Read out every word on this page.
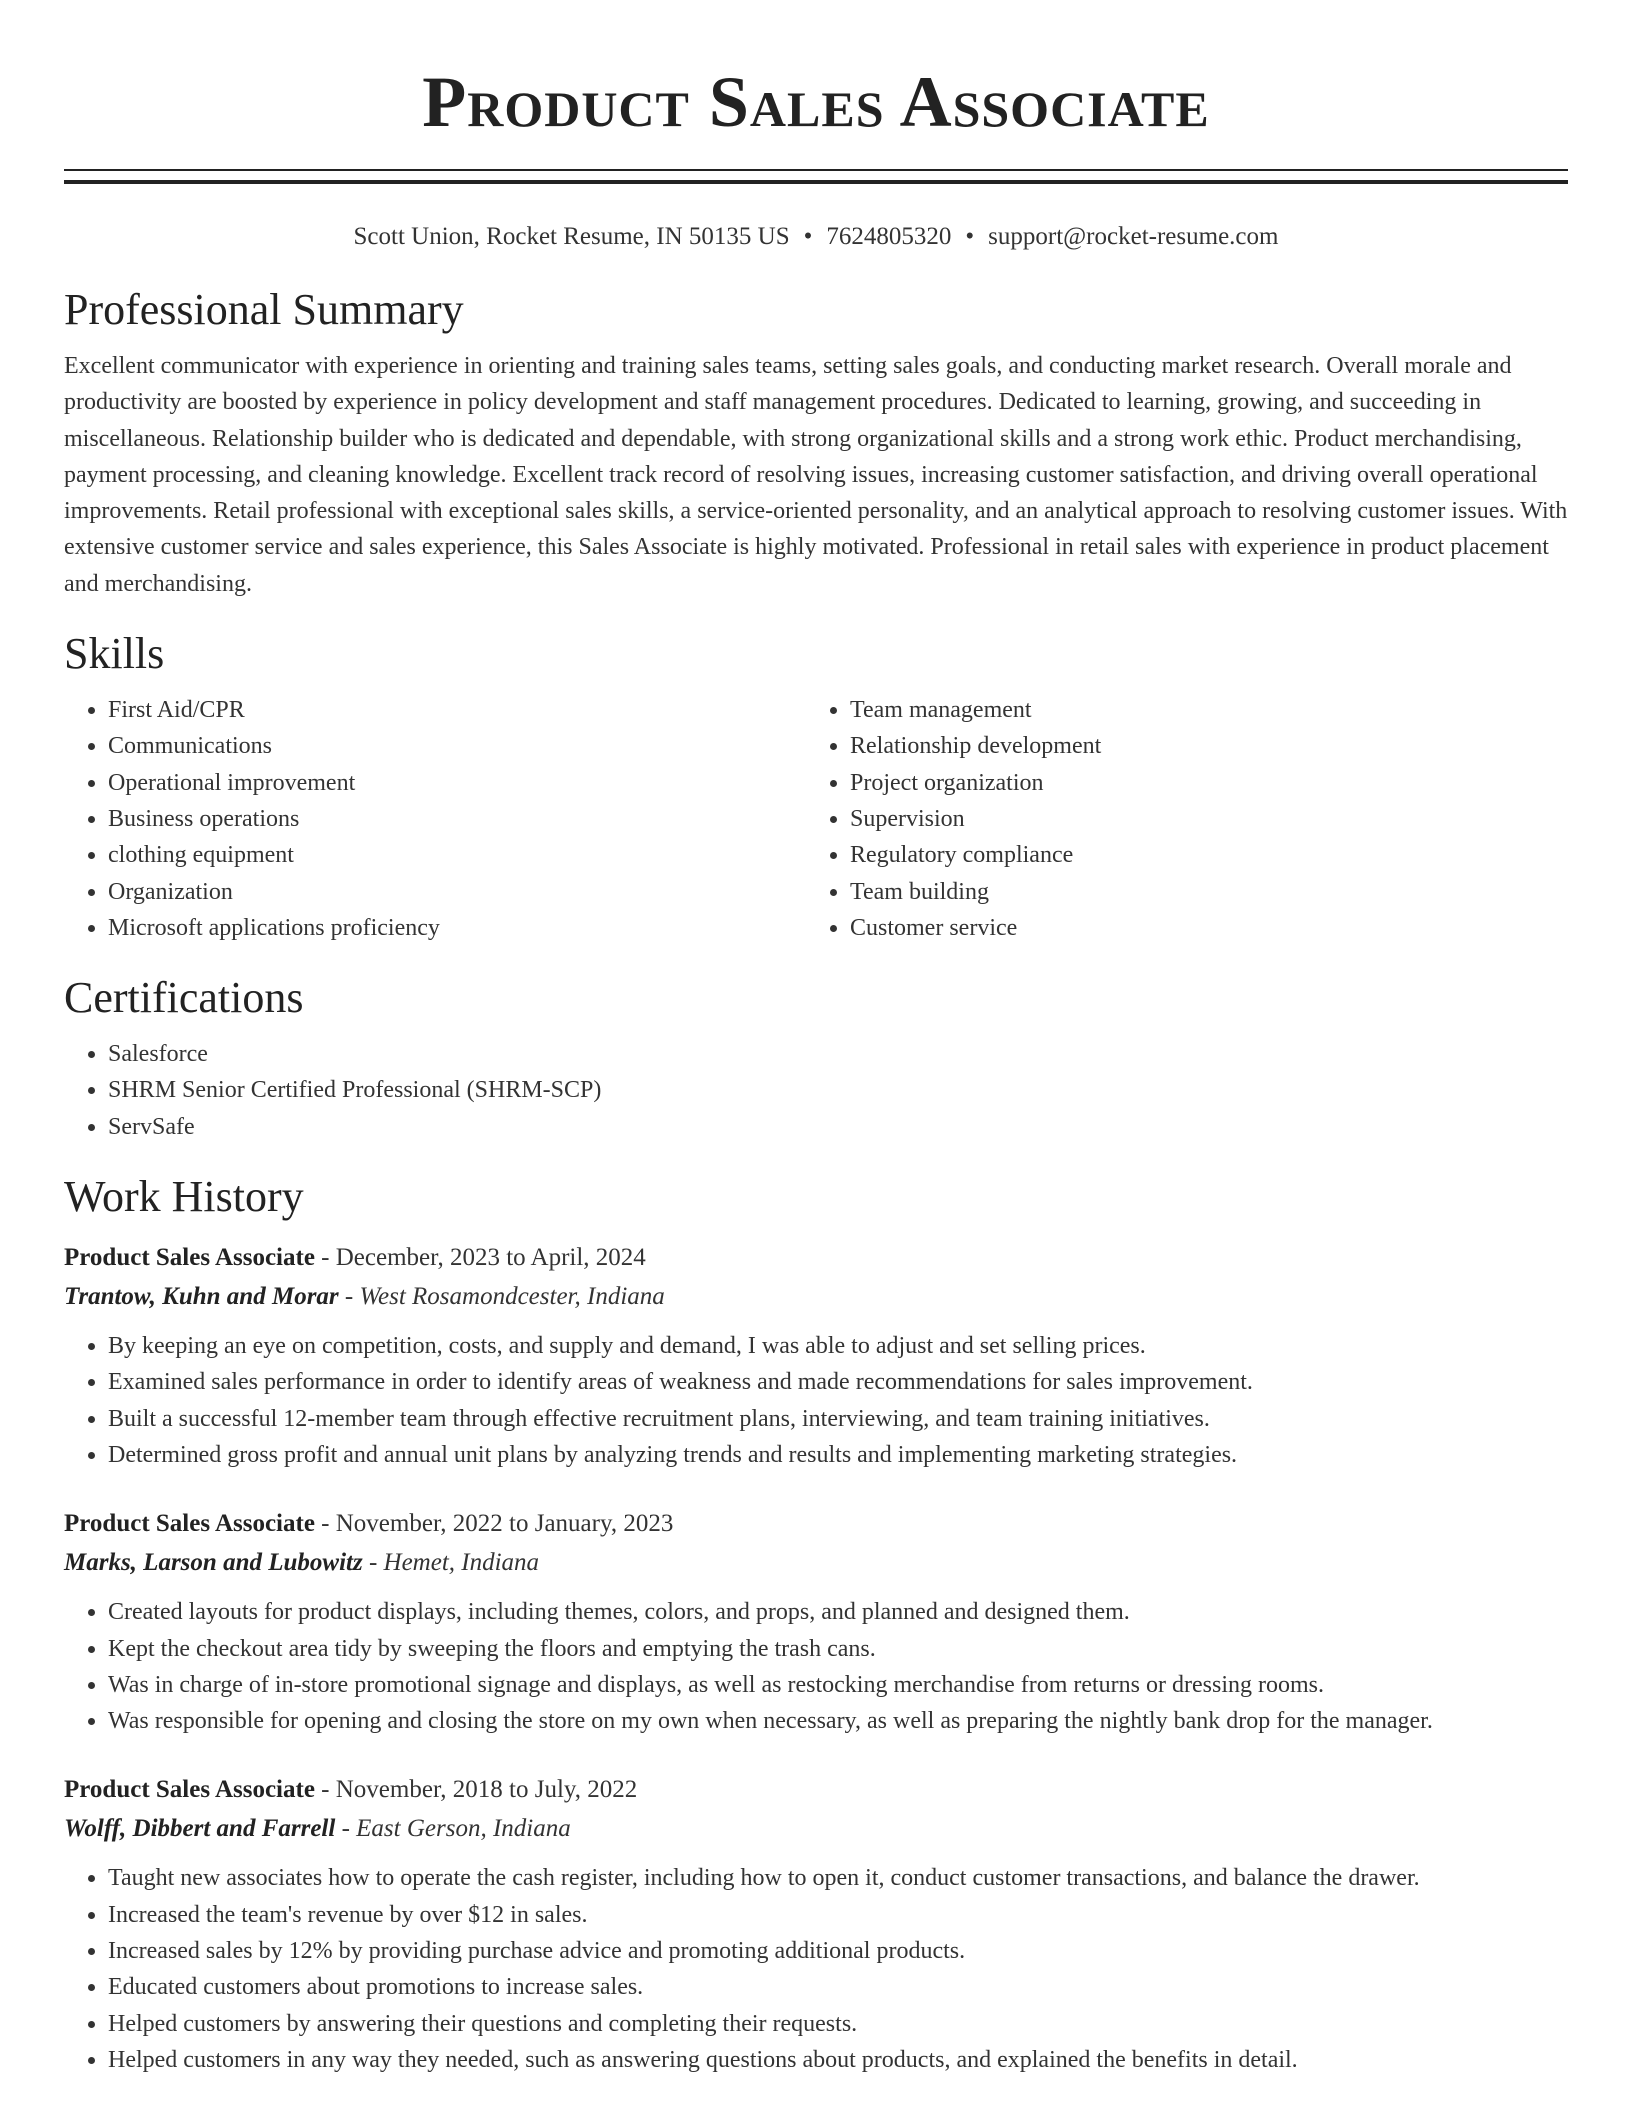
Product Sales Associate
Scott Union, Rocket Resume, IN 50135 US • 7624805320 • support@rocket-resume.com
Professional Summary

Excellent communicator with experience in orienting and training sales teams, setting sales goals, and conducting market research. Overall morale and productivity are boosted by experience in policy development and staff management procedures. Dedicated to learning, growing, and succeeding in miscellaneous. Relationship builder who is dedicated and dependable, with strong organizational skills and a strong work ethic. Product merchandising, payment processing, and cleaning knowledge. Excellent track record of resolving issues, increasing customer satisfaction, and driving overall operational improvements. Retail professional with exceptional sales skills, a service-oriented personality, and an analytical approach to resolving customer issues. With extensive customer service and sales experience, this Sales Associate is highly motivated. Professional in retail sales with experience in product placement and merchandising.

Skills
• First Aid/CPR
• Communications
• Operational improvement
• Business operations
• clothing equipment
• Organization
• Microsoft applications proficiency
• Team management
• Relationship development
• Project organization
• Supervision
• Regulatory compliance
• Team building
• Customer service
Certifications
• Salesforce
• SHRM Senior Certified Professional (SHRM-SCP)
• ServSafe
Work History
Product Sales Associate - December, 2023 to April, 2024
Trantow, Kuhn and Morar - West Rosamondcester, Indiana
• By keeping an eye on competition, costs, and supply and demand, I was able to adjust and set selling prices.
• Examined sales performance in order to identify areas of weakness and made recommendations for sales improvement.
• Built a successful 12-member team through effective recruitment plans, interviewing, and team training initiatives.
• Determined gross profit and annual unit plans by analyzing trends and results and implementing marketing strategies.
Product Sales Associate - November, 2022 to January, 2023
Marks, Larson and Lubowitz - Hemet, Indiana
• Created layouts for product displays, including themes, colors, and props, and planned and designed them.
• Kept the checkout area tidy by sweeping the floors and emptying the trash cans.
• Was in charge of in-store promotional signage and displays, as well as restocking merchandise from returns or dressing rooms.
• Was responsible for opening and closing the store on my own when necessary, as well as preparing the nightly bank drop for the manager.
Product Sales Associate - November, 2018 to July, 2022
Wolff, Dibbert and Farrell - East Gerson, Indiana
• Taught new associates how to operate the cash register, including how to open it, conduct customer transactions, and balance the drawer.
• Increased the team's revenue by over $12 in sales.
• Increased sales by 12% by providing purchase advice and promoting additional products.
• Educated customers about promotions to increase sales.
• Helped customers by answering their questions and completing their requests.
• Helped customers in any way they needed, such as answering questions about products, and explained the benefits in detail.
